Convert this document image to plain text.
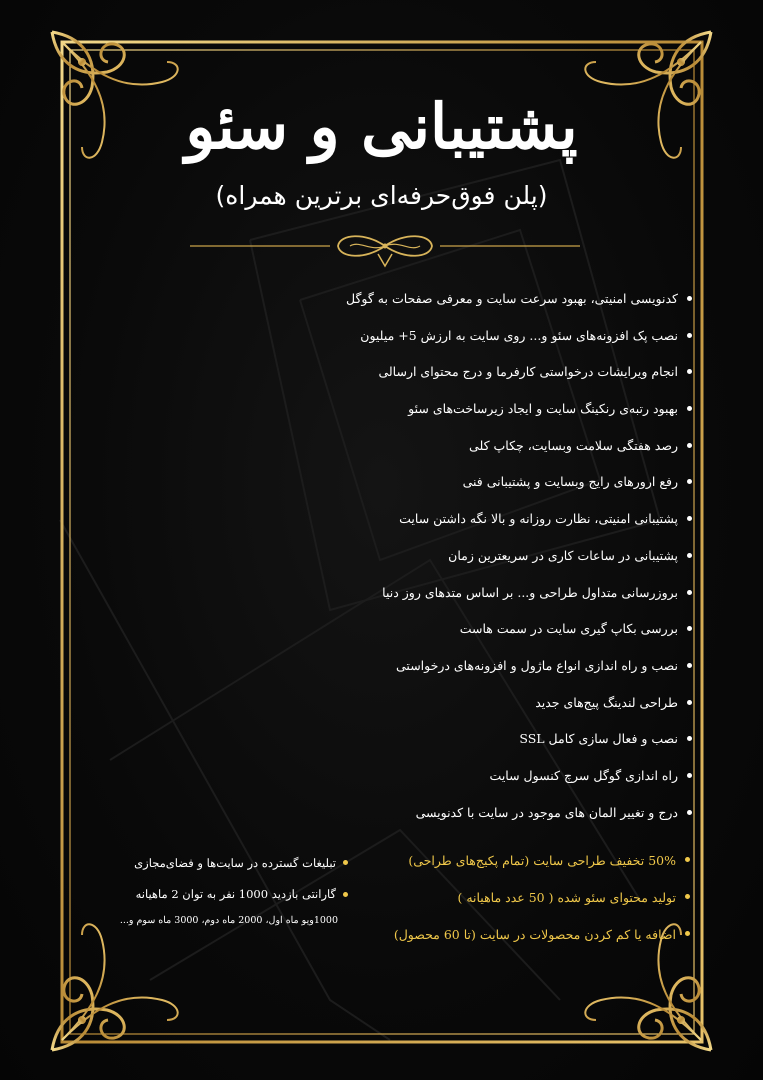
پشتیبانی و سئو

(پلن فوق‌حرفه‌ای برترین همراه)

کدنویسی امنیتی، بهبود سرعت سایت و معرفی صفحات به گوگل
نصب پک افزونه‌های سئو و... روی سایت به ارزش 5+ میلیون
انجام ویرایشات درخواستی کارفرما و درج محتوای ارسالی
بهبود رتبه‌ی رنکینگ سایت و ایجاد زیرساخت‌های سئو
رصد هفتگی سلامت وبسایت، چکاپ کلی
رفع ارورهای رایج وبسایت و پشتیبانی فنی
پشتیبانی امنیتی، نظارت روزانه و بالا نگه داشتن سایت
پشتیبانی در ساعات کاری در سریعترین زمان
بروزرسانی متداول طراحی و... بر اساس متدهای روز دنیا
بررسی بکاپ گیری سایت در سمت هاست
نصب و راه اندازی انواع ماژول و افزونه‌های درخواستی
طراحی لندینگ پیج‌های جدید
نصب و فعال سازی کامل SSL
راه اندازی گوگل سرچ کنسول سایت
درج و تغییر المان های موجود در سایت با کدنویسی
50% تخفیف طراحی سایت (تمام پکیج‌های طراحی)
تولید محتوای سئو شده ( 50 عدد ماهیانه )
اضافه یا کم کردن محصولات در سایت (تا 60 محصول)
تبلیغات گسترده در سایت‌ها و فضای‌مجازی
گارانتی بازدید 1000 نفر به توان 2 ماهیانه
1000ویو ماه اول، 2000 ماه دوم، 3000 ماه سوم و...
